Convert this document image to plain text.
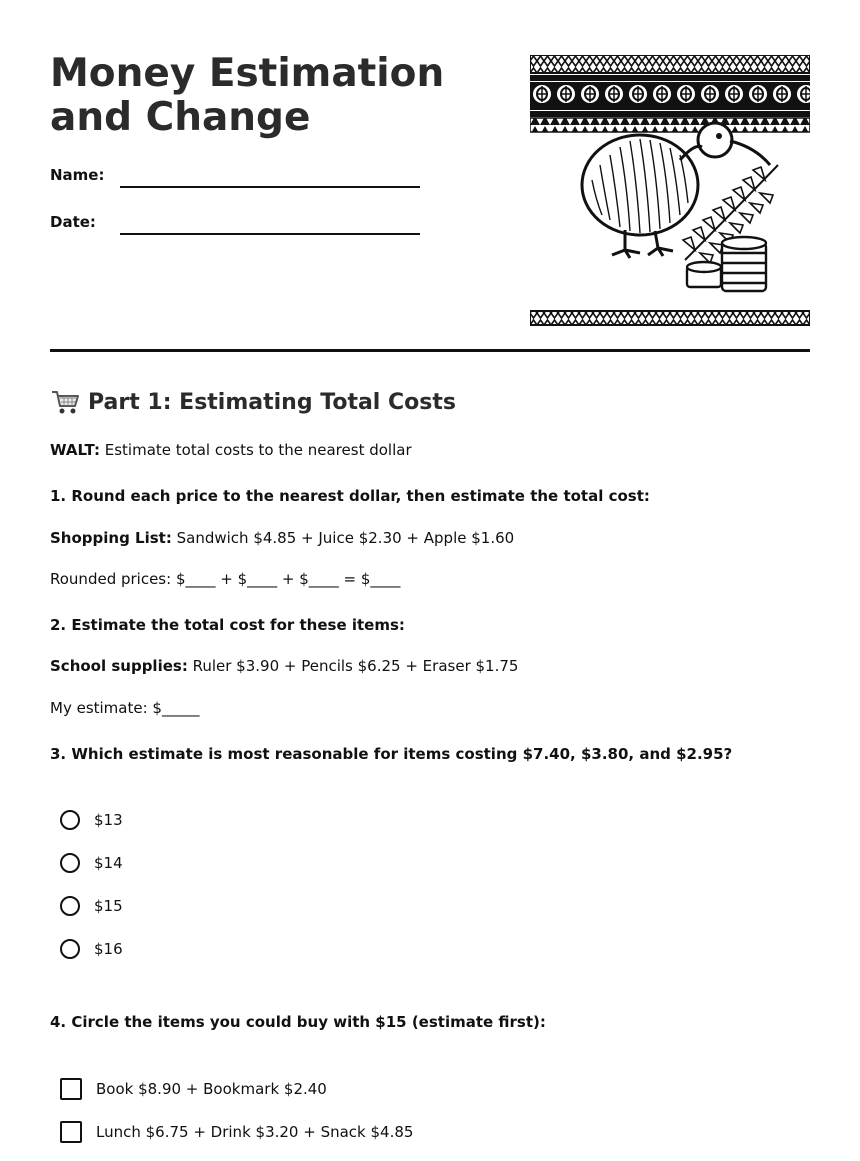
Money Estimation and Change
Name:
Date:
Part 1: Estimating Total Costs
WALT: Estimate total costs to the nearest dollar
1. Round each price to the nearest dollar, then estimate the total cost:
Shopping List: Sandwich $4.85 + Juice $2.30 + Apple $1.60
Rounded prices: $____ + $____ + $____ = $____
2. Estimate the total cost for these items:
School supplies: Ruler $3.90 + Pencils $6.25 + Eraser $1.75
My estimate: $_____
3. Which estimate is most reasonable for items costing $7.40, $3.80, and $2.95?
$13
$14
$15
$16
4. Circle the items you could buy with $15 (estimate first):
Book $8.90 + Bookmark $2.40
Lunch $6.75 + Drink $3.20 + Snack $4.85
